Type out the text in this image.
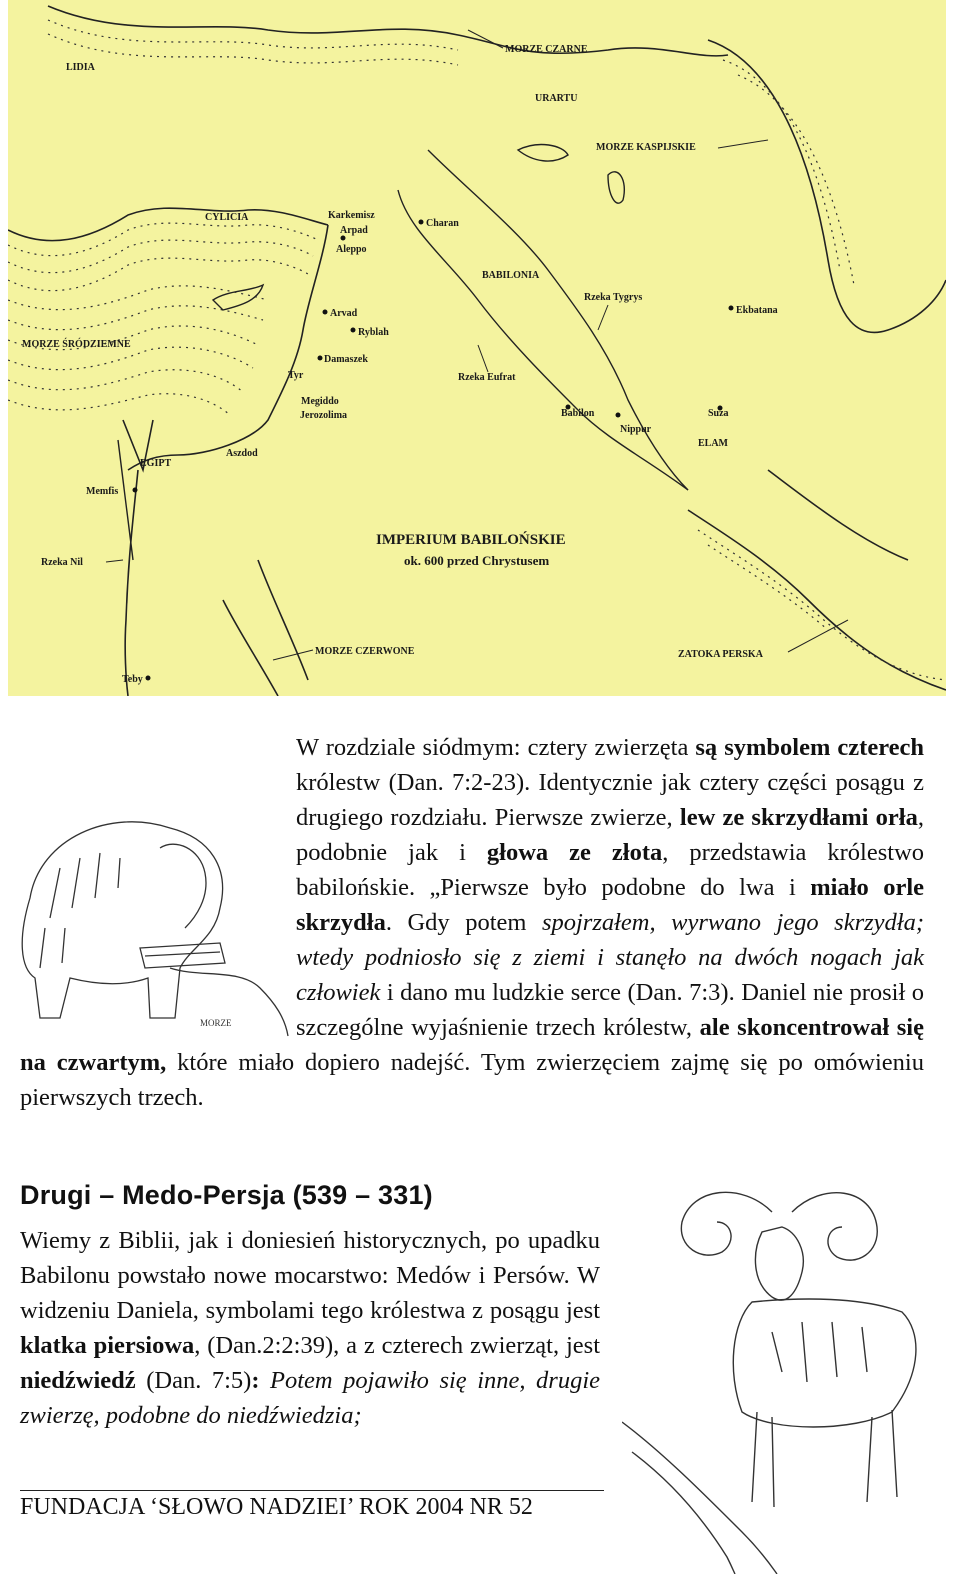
LIDIA
MORZE CZARNE
URARTU
MORZE KASPIJSKIE
CYLICIA	Karkemisz
Arpad
Aleppo
Charan
BABILONIA
Rzeka Tygrys
Ekbatana
Arvad
Ryblah
MORZE ŚRÓDZIEMNE
Damaszek
Tyr	Rzeka Eufrat
Megiddo
Jerozolima	Babilon
Nippur
Suza
ELAM
EGIPT
Aszdod
Memfis
IMPERIUM BABILOŃSKIE
ok. 600 przed Chrystusem
Rzeka Nil
MORZE CZERWONE	ZATOKA PERSKA
Teby
MORZE
W rozdziale siódmym: cztery zwierzęta są symbolem czterech królestw (Dan. 7:2-23). Identycznie jak cztery części posągu z drugiego rozdziału. Pierwsze zwierze, lew ze skrzydłami orła, podobnie jak i głowa ze złota, przedstawia królestwo babilońskie. „Pierwsze było podobne do lwa i miało orle skrzydła. Gdy potem spojrzałem, wyrwano jego skrzydła; wtedy podniosło się z ziemi i stanęło na dwóch nogach jak człowiek i dano mu ludzkie serce (Dan. 7:3). Daniel nie prosił o szczególne wyjaśnienie trzech królestw, ale skoncentrował się na czwartym, które miało dopiero nadejść. Tym zwierzęciem zajmę się po omówieniu pierwszych trzech.
Drugi – Medo-Persja (539 – 331)
Wiemy z Biblii, jak i doniesień historycznych, po upadku Babilonu powstało nowe mocarstwo: Medów i Persów. W widzeniu Daniela, symbolami tego królestwa z posągu jest klatka piersiowa, (Dan.2:2:39), a z czterech zwierząt, jest niedźwiedź (Dan. 7:5): Potem pojawiło się inne, drugie zwierzę, podobne do niedźwiedzia;

FUNDACJA ‘SŁOWO NADZIEI’ ROK 2004 NR 52
